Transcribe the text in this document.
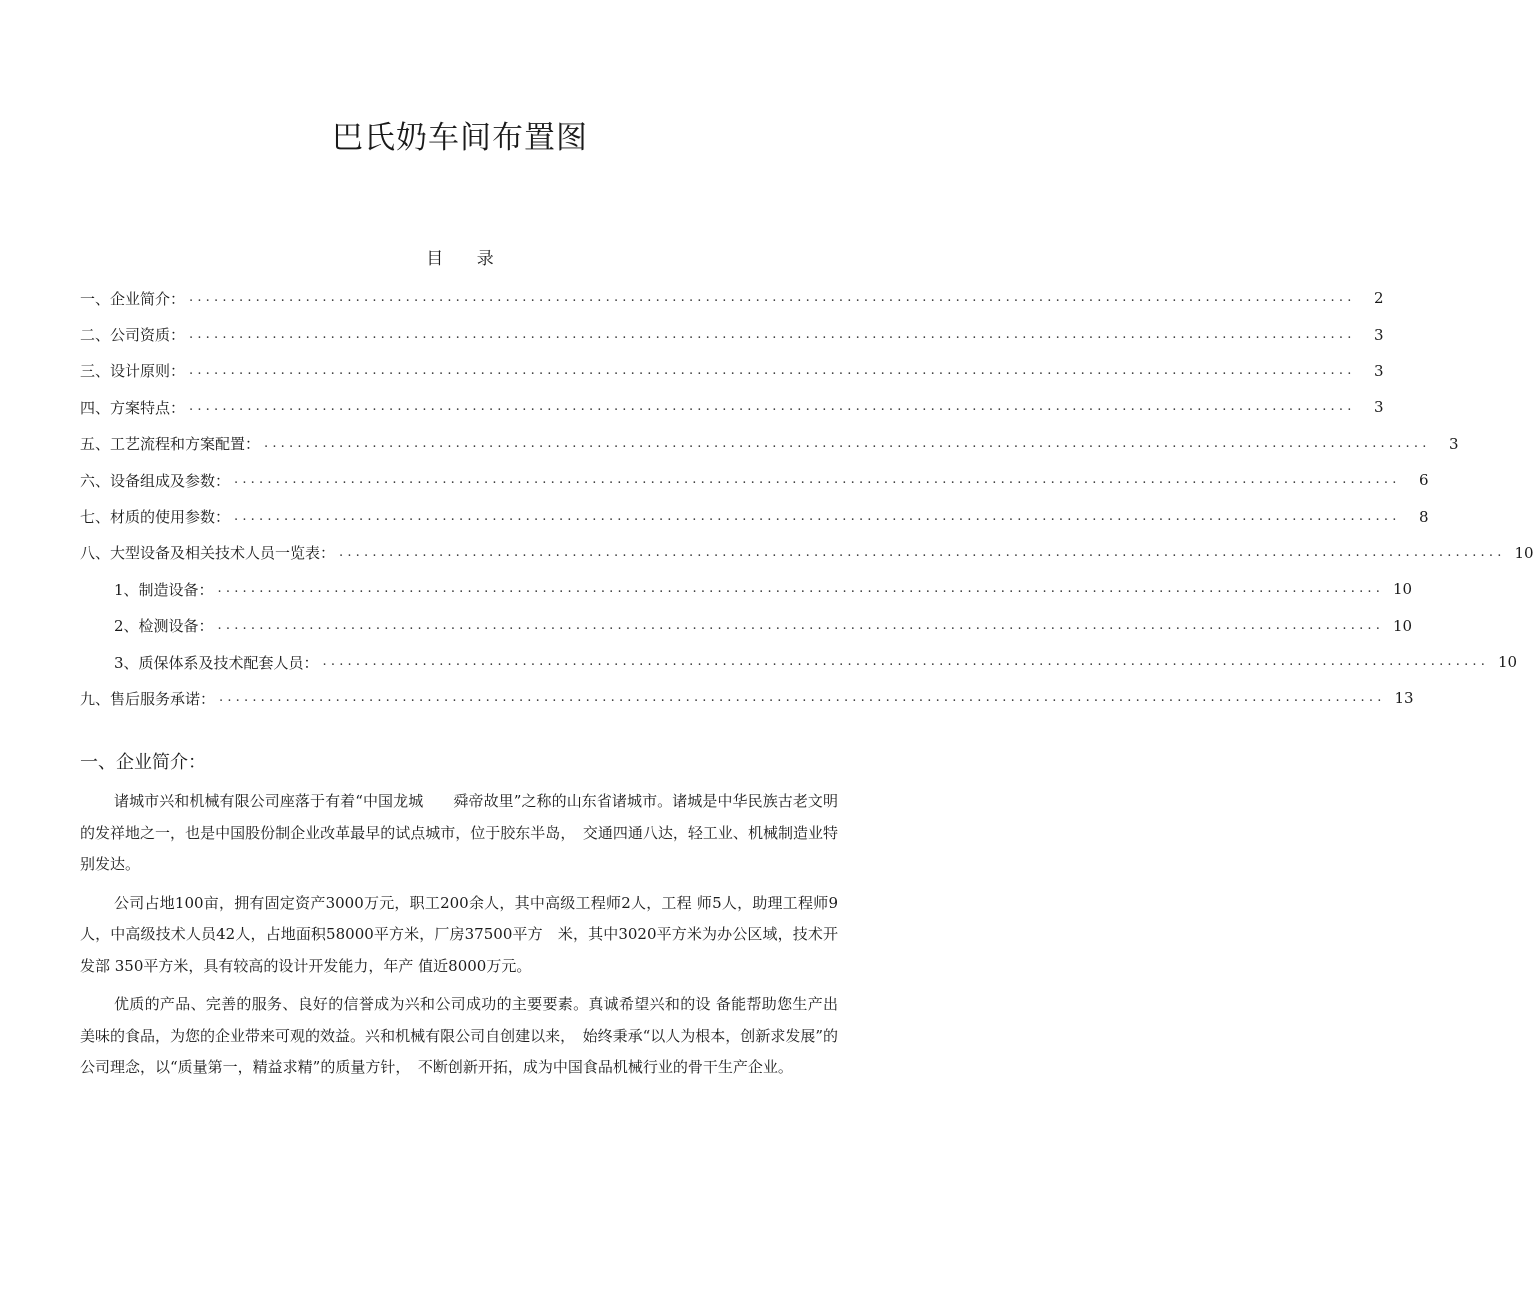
巴氏奶车间布置图
目 录
一、企业简介： ............................................................................................................................................	2
二、公司资质： ............................................................................................................................................	3
三、设计原则： ............................................................................................................................................	3
四、方案特点： ............................................................................................................................................	3
五、工艺流程和方案配置： ............................................................................................................................................	3
六、设备组成及参数： ............................................................................................................................................	6
七、材质的使用参数： ............................................................................................................................................	8
八、大型设备及相关技术人员一览表： ............................................................................................................................................ 10
1、制造设备： ............................................................................................................................................ 10
2、检测设备： ............................................................................................................................................ 10
3、质保体系及技术配套人员： ............................................................................................................................................ 10
九、售后服务承诺： ............................................................................................................................................ 13
一、企业简介：

诸城市兴和机械有限公司座落于有着“中国龙城　　舜帝故里”之称的山东省诸城市。诸城是中华民族古老文明的发祥地之一，也是中国股份制企业改革最早的试点城市，位于胶东半岛，　交通四通八达，轻工业、机械制造业特别发达。

公司占地100亩，拥有固定资产3000万元，职工200余人，其中高级工程师2人，工程 师5人，助理工程师9人，中高级技术人员42人，占地面积58000平方米，厂房37500平方　米，其中3020平方米为办公区域，技术开发部 350平方米，具有较高的设计开发能力，年产 值近8000万元。

优质的产品、完善的服务、良好的信誉成为兴和公司成功的主要要素。真诚希望兴和的设 备能帮助您生产出美味的食品，为您的企业带来可观的效益。兴和机械有限公司自创建以来，　始终秉承“以人为根本，创新求发展”的公司理念，以“质量第一，精益求精”的质量方针，　不断创新开拓，成为中国食品机械行业的骨干生产企业。
